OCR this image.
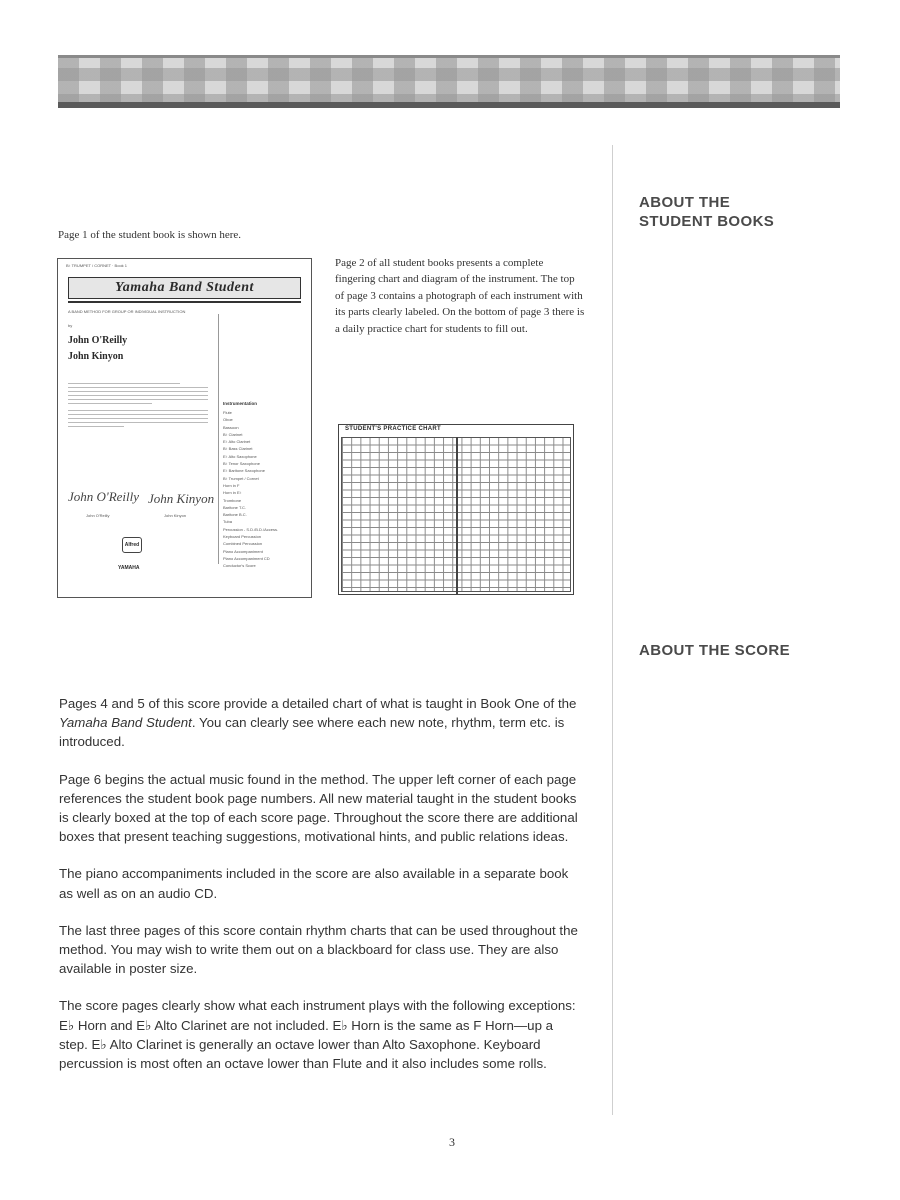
ABOUT THE
STUDENT BOOKS
ABOUT THE SCORE
Page 1 of the student book is shown here.
B♭ TRUMPET / CORNET · Book 1
Yamaha Band Student
A BAND METHOD FOR GROUP OR INDIVIDUAL INSTRUCTION
by
John O'Reilly
John Kinyon
Instrumentation
Flute
Oboe
Bassoon
B♭ Clarinet
E♭ Alto Clarinet
B♭ Bass Clarinet
E♭ Alto Saxophone
B♭ Tenor Saxophone
E♭ Baritone Saxophone
B♭ Trumpet / Cornet
Horn in F
Horn in E♭
Trombone
Baritone T.C.
Baritone B.C.
Tuba
Percussion - S.D./B.D./Access.
Keyboard Percussion
Combined Percussion
Piano Accompaniment
Piano Accompaniment CD
Conductor's Score
John O'Reilly John Kinyon
John O'Reilly	John Kinyon
Alfred
YAMAHA
Page 2 of all student books presents a complete fingering chart and diagram of the instrument. The top of page 3 contains a photograph of each instrument with its parts clearly labeled. On the bottom of page 3 there is a daily practice chart for students to fill out.
STUDENT'S PRACTICE CHART

Pages 4 and 5 of this score provide a detailed chart of what is taught in Book One of the Yamaha Band Student. You can clearly see where each new note, rhythm, term etc. is introduced.

Page 6 begins the actual music found in the method. The upper left corner of each page references the student book page numbers. All new material taught in the student books is clearly boxed at the top of each score page. Throughout the score there are additional boxes that present teaching suggestions, motivational hints, and public relations ideas.

The piano accompaniments included in the score are also available in a separate book as well as on an audio CD.

The last three pages of this score contain rhythm charts that can be used throughout the method. You may wish to write them out on a blackboard for class use. They are also available in poster size.

The score pages clearly show what each instrument plays with the following exceptions: E♭ Horn and E♭ Alto Clarinet are not included. E♭ Horn is the same as F Horn—up a step. E♭ Alto Clarinet is generally an octave lower than Alto Saxophone. Keyboard percussion is most often an octave lower than Flute and it also includes some rolls.

3
